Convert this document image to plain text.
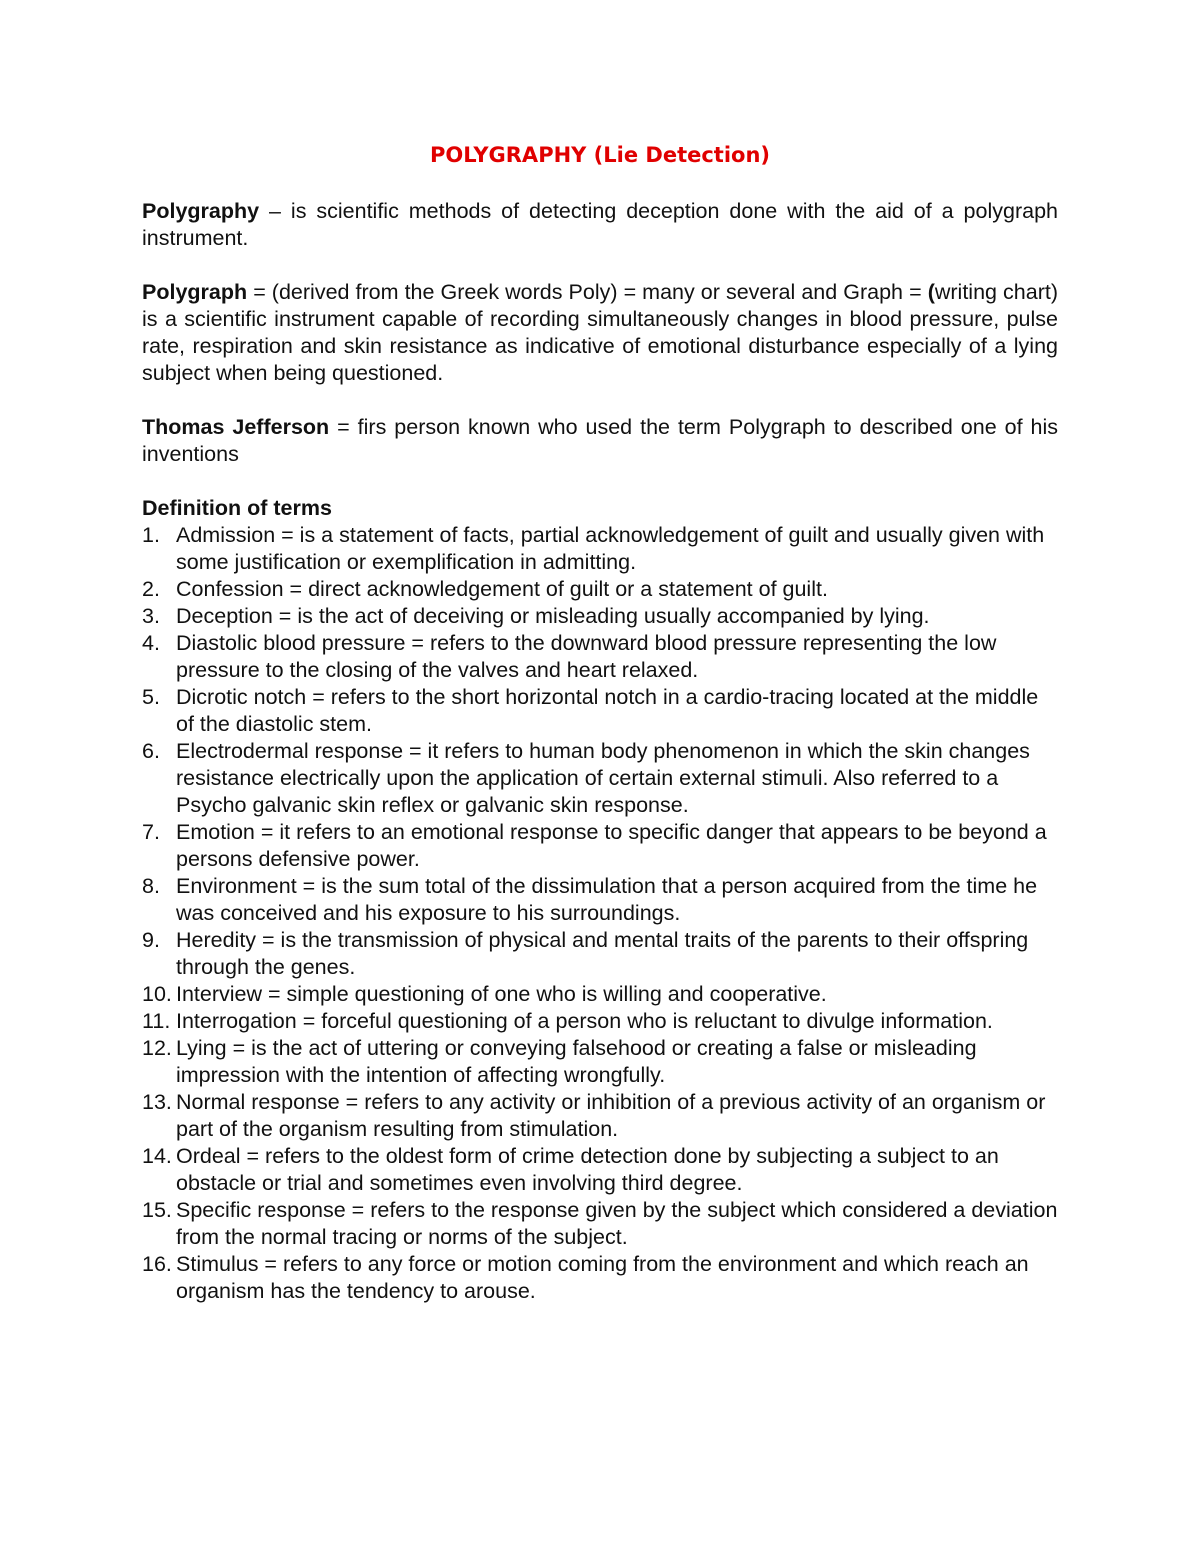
POLYGRAPHY (Lie Detection)

Polygraphy – is scientific methods of detecting deception done with the aid of a polygraph instrument.

Polygraph = (derived from the Greek words Poly) = many or several and Graph = (writing chart) is a scientific instrument capable of recording simultaneously changes in blood pressure, pulse rate, respiration and skin resistance as indicative of emotional disturbance especially of a lying subject when being questioned.

Thomas Jefferson = firs person known who used the term Polygraph to described one of his inventions

Definition of terms
1. Admission = is a statement of facts, partial acknowledgement of guilt and usually given with some justification or exemplification in admitting.
2. Confession = direct acknowledgement of guilt or a statement of guilt.
3. Deception = is the act of deceiving or misleading usually accompanied by lying.
4. Diastolic blood pressure = refers to the downward blood pressure representing the low pressure to the closing of the valves and heart relaxed.
5. Dicrotic notch = refers to the short horizontal notch in a cardio-tracing located at the middle of the diastolic stem.
6. Electrodermal response = it refers to human body phenomenon in which the skin changes resistance electrically upon the application of certain external stimuli. Also referred to a Psycho galvanic skin reflex or galvanic skin response.
7. Emotion = it refers to an emotional response to specific danger that appears to be beyond a persons defensive power.
8. Environment = is the sum total of the dissimulation that a person acquired from the time he was conceived and his exposure to his surroundings.
9. Heredity = is the transmission of physical and mental traits of the parents to their offspring through the genes.
10. Interview = simple questioning of one who is willing and cooperative.
11. Interrogation = forceful questioning of a person who is reluctant to divulge information.
12. Lying = is the act of uttering or conveying falsehood or creating a false or misleading impression with the intention of affecting wrongfully.
13. Normal response = refers to any activity or inhibition of a previous activity of an organism or part of the organism resulting from stimulation.
14. Ordeal = refers to the oldest form of crime detection done by subjecting a subject to an obstacle or trial and sometimes even involving third degree.
15. Specific response = refers to the response given by the subject which considered a deviation from the normal tracing or norms of the subject.
16. Stimulus = refers to any force or motion coming from the environment and which reach an organism has the tendency to arouse.
